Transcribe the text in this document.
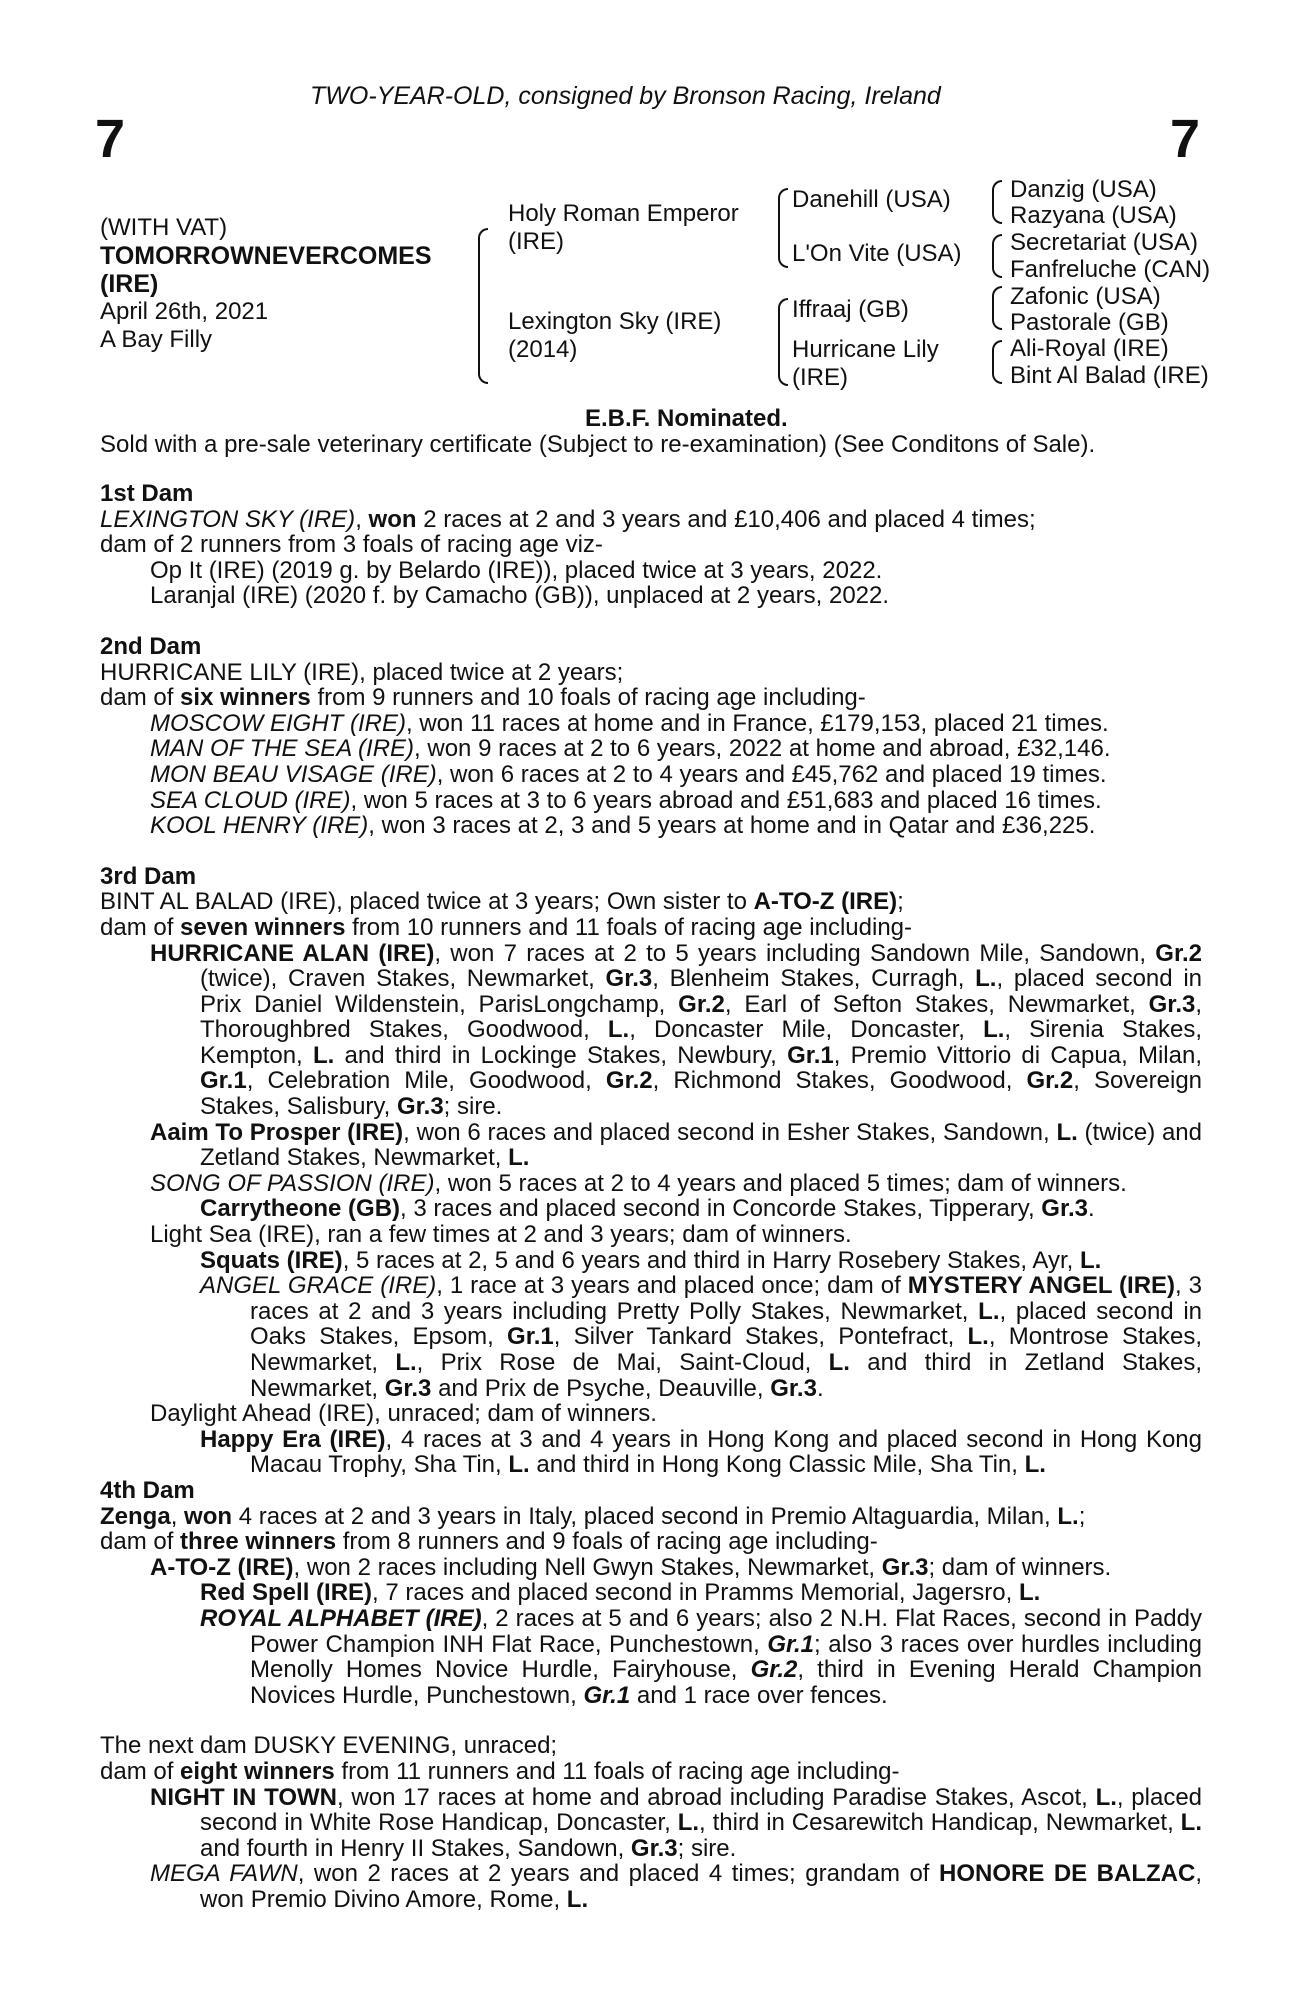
TWO-YEAR-OLD, consigned by Bronson Racing, Ireland
7	7
(WITH VAT)
TOMORROWNEVERCOMES
(IRE)
April 26th, 2021
A Bay Filly
Holy Roman Emperor
(IRE)
Lexington Sky (IRE)
(2014)
Danehill (USA)
L'On Vite (USA)
Iffraaj (GB)
Hurricane Lily
(IRE)
Danzig (USA)
Razyana (USA)
Secretariat (USA)
Fanfreluche (CAN)
Zafonic (USA)
Pastorale (GB)
Ali-Royal (IRE)
Bint Al Balad (IRE)
E.B.F. Nominated.
Sold with a pre-sale veterinary certificate (Subject to re-examination) (See Conditons of Sale).
1st Dam
LEXINGTON SKY (IRE), won 2 races at 2 and 3 years and £10,406 and placed 4 times;
dam of 2 runners from 3 foals of racing age viz-
Op It (IRE) (2019 g. by Belardo (IRE)), placed twice at 3 years, 2022.
Laranjal (IRE) (2020 f. by Camacho (GB)), unplaced at 2 years, 2022.
2nd Dam
HURRICANE LILY (IRE), placed twice at 2 years;
dam of six winners from 9 runners and 10 foals of racing age including-
MOSCOW EIGHT (IRE), won 11 races at home and in France, £179,153, placed 21 times.
MAN OF THE SEA (IRE), won 9 races at 2 to 6 years, 2022 at home and abroad, £32,146.
MON BEAU VISAGE (IRE), won 6 races at 2 to 4 years and £45,762 and placed 19 times.
SEA CLOUD (IRE), won 5 races at 3 to 6 years abroad and £51,683 and placed 16 times.
KOOL HENRY (IRE), won 3 races at 2, 3 and 5 years at home and in Qatar and £36,225.
3rd Dam
BINT AL BALAD (IRE), placed twice at 3 years; Own sister to A-TO-Z (IRE);
dam of seven winners from 10 runners and 11 foals of racing age including-
HURRICANE ALAN (IRE), won 7 races at 2 to 5 years including Sandown Mile, Sandown, Gr.2 (twice), Craven Stakes, Newmarket, Gr.3, Blenheim Stakes, Curragh, L., placed second in Prix Daniel Wildenstein, ParisLongchamp, Gr.2, Earl of Sefton Stakes, Newmarket, Gr.3, Thoroughbred Stakes, Goodwood, L., Doncaster Mile, Doncaster, L., Sirenia Stakes, Kempton, L. and third in Lockinge Stakes, Newbury, Gr.1, Premio Vittorio di Capua, Milan, Gr.1, Celebration Mile, Goodwood, Gr.2, Richmond Stakes, Goodwood, Gr.2, Sovereign Stakes, Salisbury, Gr.3; sire.
Aaim To Prosper (IRE), won 6 races and placed second in Esher Stakes, Sandown, L. (twice) and Zetland Stakes, Newmarket, L.
SONG OF PASSION (IRE), won 5 races at 2 to 4 years and placed 5 times; dam of winners.
Carrytheone (GB), 3 races and placed second in Concorde Stakes, Tipperary, Gr.3.
Light Sea (IRE), ran a few times at 2 and 3 years; dam of winners.
Squats (IRE), 5 races at 2, 5 and 6 years and third in Harry Rosebery Stakes, Ayr, L.
ANGEL GRACE (IRE), 1 race at 3 years and placed once; dam of MYSTERY ANGEL (IRE), 3 races at 2 and 3 years including Pretty Polly Stakes, Newmarket, L., placed second in Oaks Stakes, Epsom, Gr.1, Silver Tankard Stakes, Pontefract, L., Montrose Stakes, Newmarket, L., Prix Rose de Mai, Saint-Cloud, L. and third in Zetland Stakes, Newmarket, Gr.3 and Prix de Psyche, Deauville, Gr.3.
Daylight Ahead (IRE), unraced; dam of winners.
Happy Era (IRE), 4 races at 3 and 4 years in Hong Kong and placed second in Hong Kong Macau Trophy, Sha Tin, L. and third in Hong Kong Classic Mile, Sha Tin, L.
4th Dam
Zenga, won 4 races at 2 and 3 years in Italy, placed second in Premio Altaguardia, Milan, L.;
dam of three winners from 8 runners and 9 foals of racing age including-
A-TO-Z (IRE), won 2 races including Nell Gwyn Stakes, Newmarket, Gr.3; dam of winners.
Red Spell (IRE), 7 races and placed second in Pramms Memorial, Jagersro, L.
ROYAL ALPHABET (IRE), 2 races at 5 and 6 years; also 2 N.H. Flat Races, second in Paddy Power Champion INH Flat Race, Punchestown, Gr.1; also 3 races over hurdles including Menolly Homes Novice Hurdle, Fairyhouse, Gr.2, third in Evening Herald Champion Novices Hurdle, Punchestown, Gr.1 and 1 race over fences.
The next dam DUSKY EVENING, unraced;
dam of eight winners from 11 runners and 11 foals of racing age including-
NIGHT IN TOWN, won 17 races at home and abroad including Paradise Stakes, Ascot, L., placed second in White Rose Handicap, Doncaster, L., third in Cesarewitch Handicap, Newmarket, L. and fourth in Henry II Stakes, Sandown, Gr.3; sire.
MEGA FAWN, won 2 races at 2 years and placed 4 times; grandam of HONORE DE BALZAC, won Premio Divino Amore, Rome, L.
